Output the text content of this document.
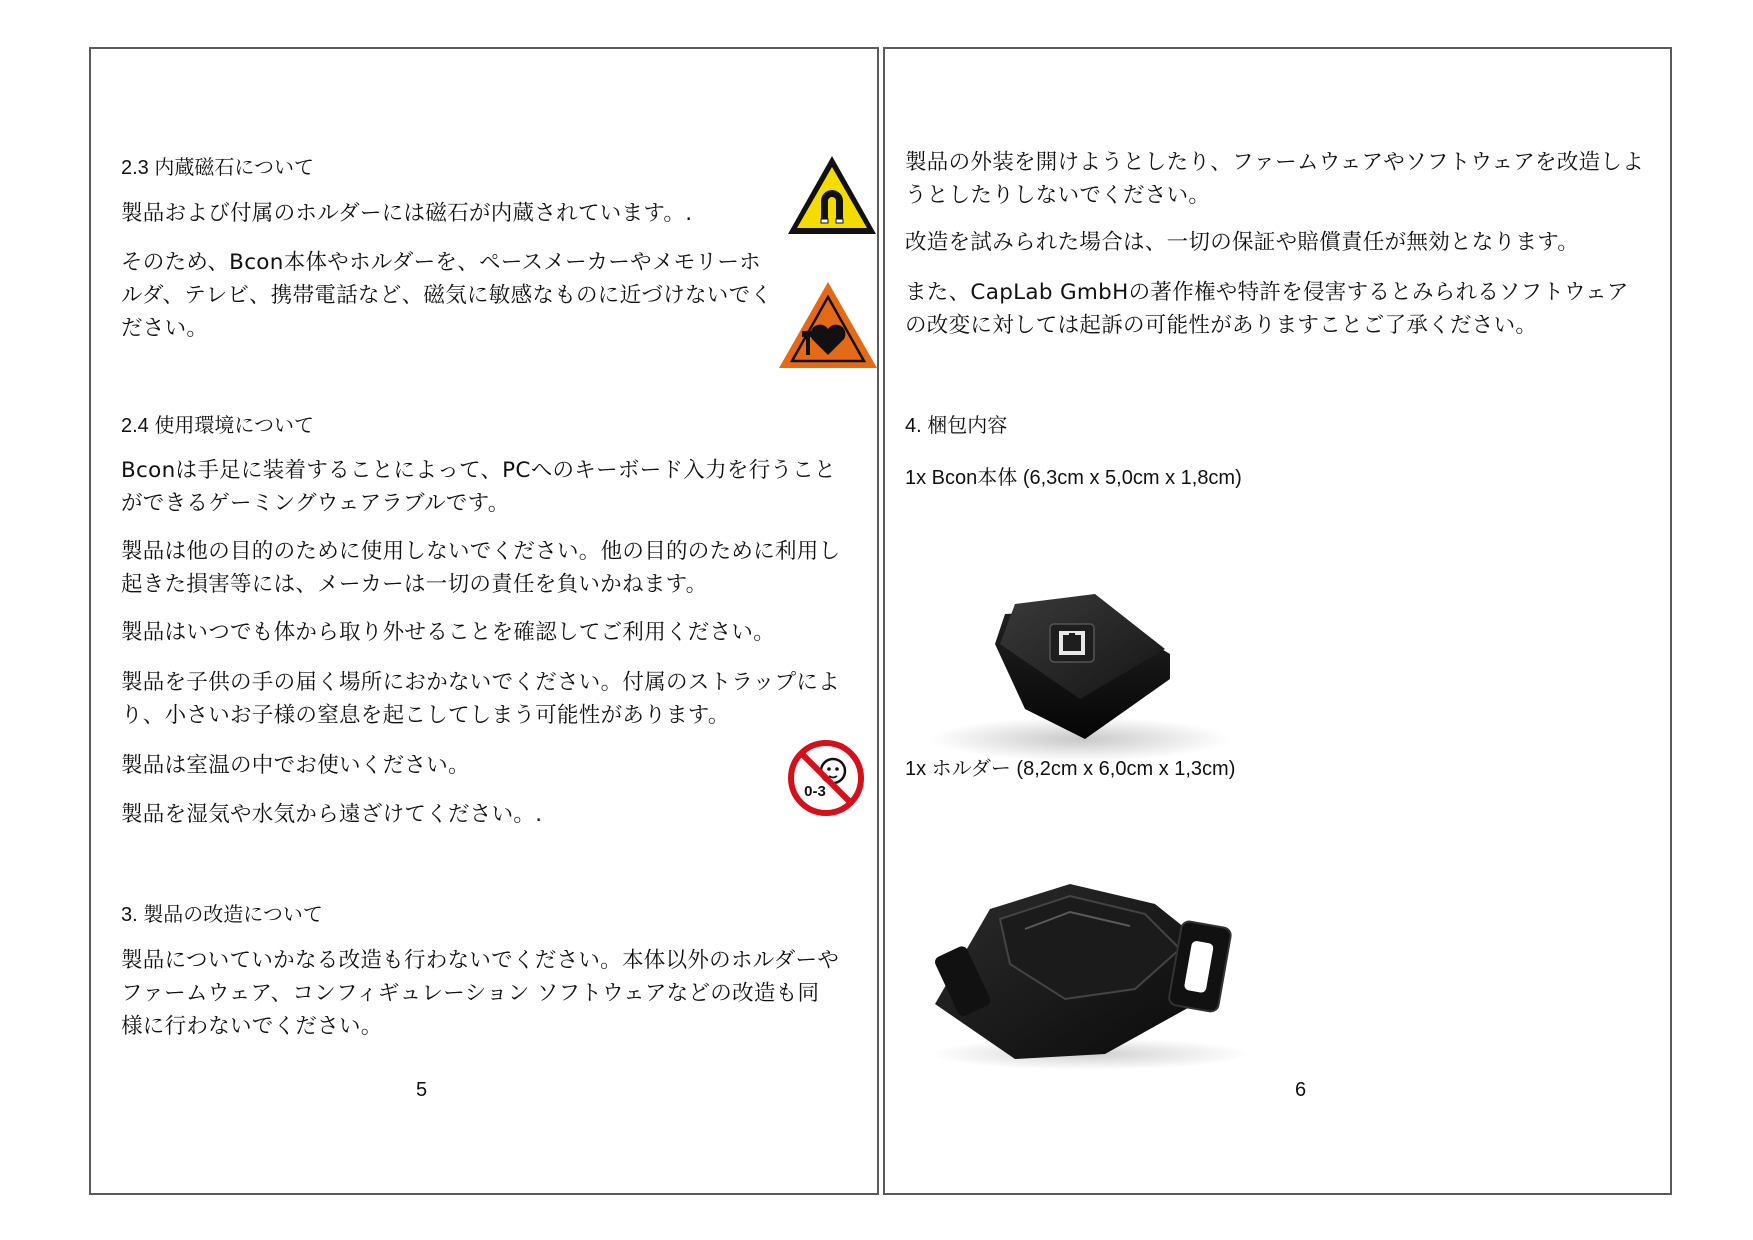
2.3 内蔵磁石について
製品および付属のホルダーには磁石が内蔵されています。.
そのため、Bcon本体やホルダーを、ペースメーカーやメモリーホルダ、テレビ、携帯電話など、磁気に敏感なものに近づけないでください。
2.4 使用環境について
Bconは手足に装着することによって、PCへのキーボード入力を行うことができるゲーミングウェアラブルです。
製品は他の目的のために使用しないでください。他の目的のために利用し起きた損害等には、メーカーは一切の責任を負いかねます。
製品はいつでも体から取り外せることを確認してご利用ください。
製品を子供の手の届く場所におかないでください。付属のストラップにより、小さいお子様の窒息を起こしてしまう可能性があります。
製品は室温の中でお使いください。
製品を湿気や水気から遠ざけてください。.
0-3
3. 製品の改造について
製品についていかなる改造も行わないでください。本体以外のホルダーやファームウェア、コンフィギュレーション ソフトウェアなどの改造も同様に行わないでください。
5
製品の外装を開けようとしたり、ファームウェアやソフトウェアを改造しようとしたりしないでください。
改造を試みられた場合は、一切の保証や賠償責任が無効となります。
また、CapLab GmbHの著作権や特許を侵害するとみられるソフトウェアの改変に対しては起訴の可能性がありますことご了承ください。
4. 梱包内容
1x Bcon本体 (6,3cm x 5,0cm x 1,8cm)
1x ホルダー (8,2cm x 6,0cm x 1,3cm)
6
